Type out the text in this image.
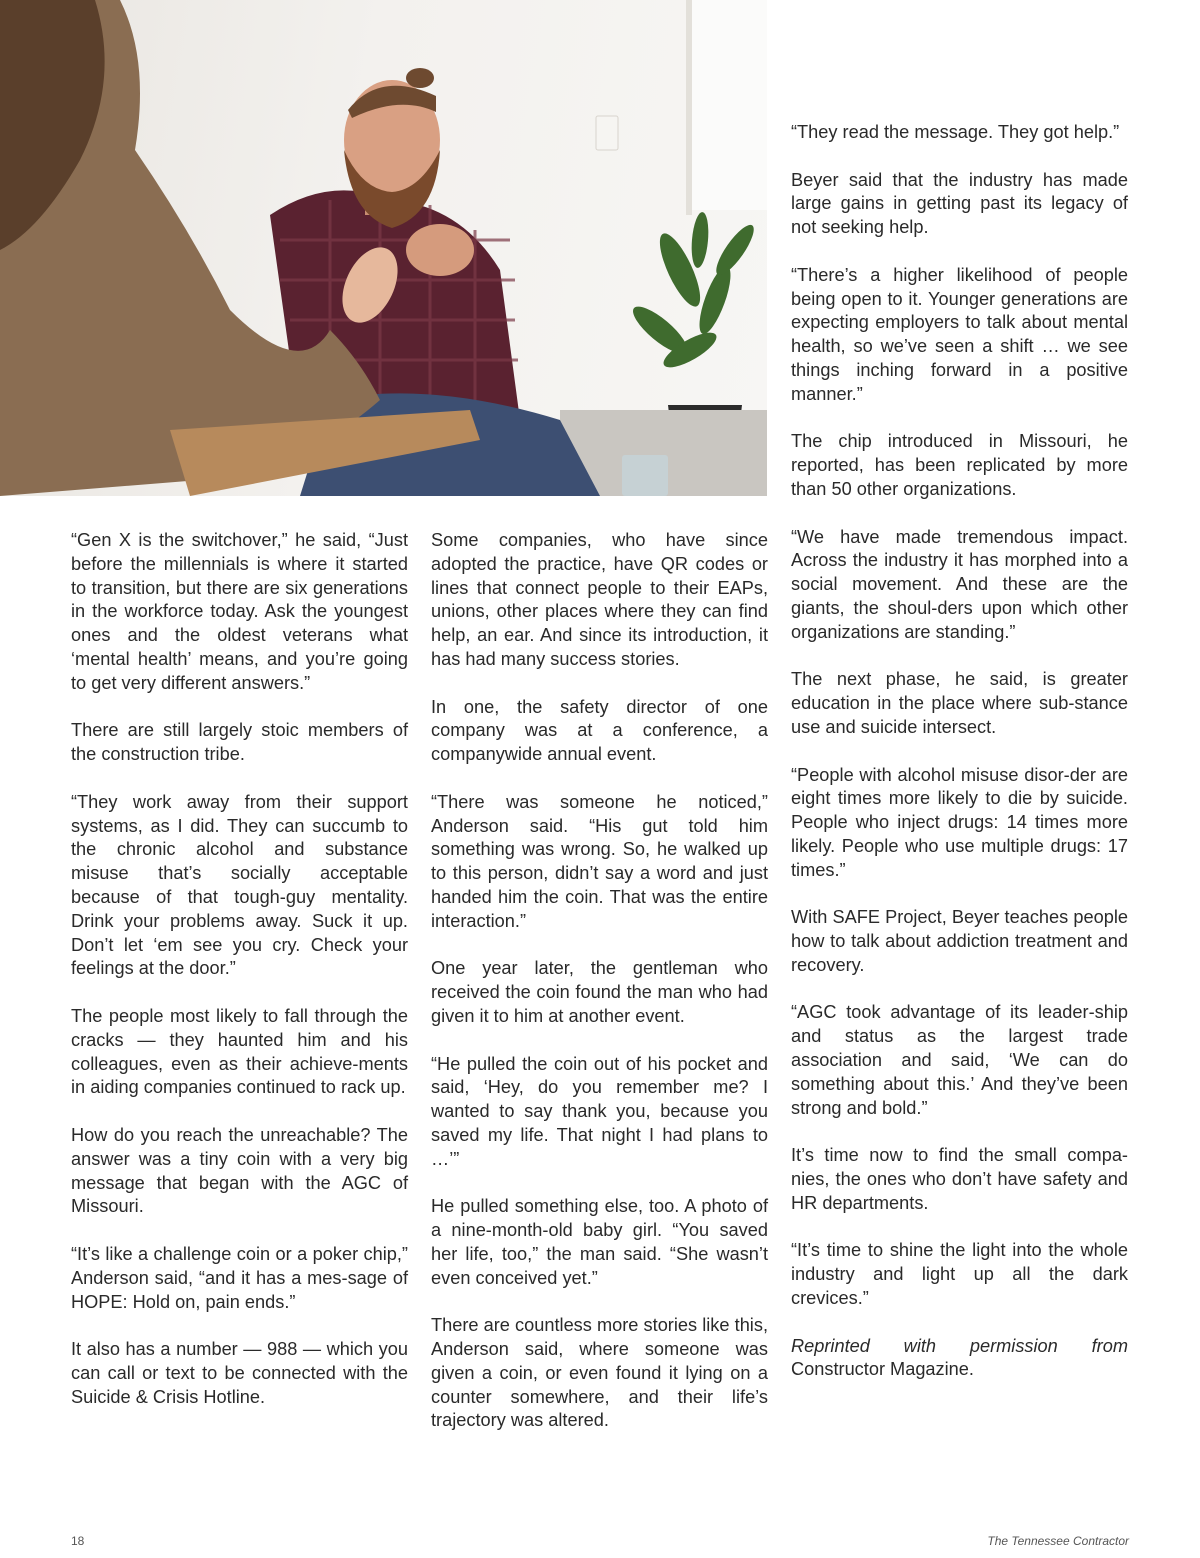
“Gen X is the switchover,” he said, “Just before the millennials is where it started to transition, but there are six generations in the workforce today. Ask the youngest ones and the oldest veterans what ‘mental health’ means, and you’re going to get very different answers.”

There are still largely stoic members of the construction tribe.

“They work away from their support systems, as I did. They can succumb to the chronic alcohol and substance misuse that’s socially acceptable because of that tough-guy mentality. Drink your problems away. Suck it up. Don’t let ‘em see you cry. Check your feelings at the door.”

The people most likely to fall through the cracks — they haunted him and his colleagues, even as their achieve-ments in aiding companies continued to rack up.

How do you reach the unreachable? The answer was a tiny coin with a very big message that began with the AGC of Missouri.

“It’s like a challenge coin or a poker chip,” Anderson said, “and it has a mes-sage of HOPE: Hold on, pain ends.”

It also has a number — 988 — which you can call or text to be connected with the Suicide & Crisis Hotline.

Some companies, who have since adopted the practice, have QR codes or lines that connect people to their EAPs, unions, other places where they can find help, an ear. And since its introduction, it has had many success stories.

In one, the safety director of one company was at a conference, a companywide annual event.

“There was someone he noticed,” Anderson said. “His gut told him something was wrong. So, he walked up to this person, didn’t say a word and just handed him the coin. That was the entire interaction.”

One year later, the gentleman who received the coin found the man who had given it to him at another event.

“He pulled the coin out of his pocket and said, ‘Hey, do you remember me? I wanted to say thank you, because you saved my life. That night I had plans to …’”

He pulled something else, too. A photo of a nine-month-old baby girl. “You saved her life, too,” the man said. “She wasn’t even conceived yet.”

There are countless more stories like this, Anderson said, where someone was given a coin, or even found it lying on a counter somewhere, and their life’s trajectory was altered.

“They read the message. They got help.”

Beyer said that the industry has made large gains in getting past its legacy of not seeking help.

“There’s a higher likelihood of people being open to it. Younger generations are expecting employers to talk about mental health, so we’ve seen a shift … we see things inching forward in a positive manner.”

The chip introduced in Missouri, he reported, has been replicated by more than 50 other organizations.

“We have made tremendous impact. Across the industry it has morphed into a social movement. And these are the giants, the shoul-ders upon which other organizations are standing.”

The next phase, he said, is greater education in the place where sub-stance use and suicide intersect.

“People with alcohol misuse disor-der are eight times more likely to die by suicide. People who inject drugs: 14 times more likely. People who use multiple drugs: 17 times.”

With SAFE Project, Beyer teaches people how to talk about addiction treatment and recovery.

“AGC took advantage of its leader-ship and status as the largest trade association and said, ‘We can do something about this.’ And they’ve been strong and bold.”

It’s time now to find the small compa-nies, the ones who don’t have safety and HR departments.

“It’s time to shine the light into the whole industry and light up all the dark crevices.”

Reprinted with permission from Constructor Magazine.

18	The Tennessee Contractor
